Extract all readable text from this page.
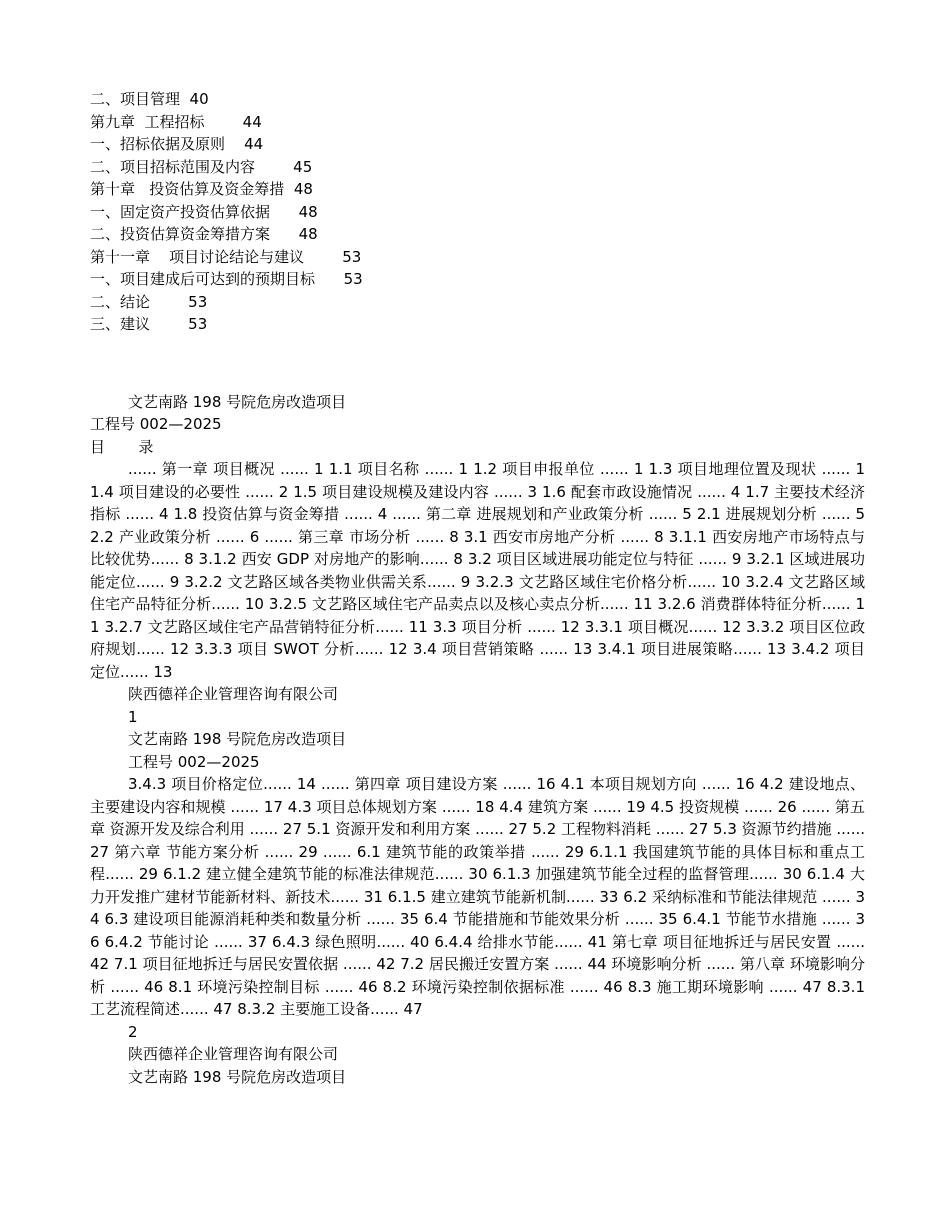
二、项目管理  40
第九章  工程招标        44
一、招标依据及原则    44
二、项目招标范围及内容        45
第十章   投资估算及资金筹措  48
一、固定资产投资估算依据      48
二、投资估算资金筹措方案      48
第十一章    项目讨论结论与建议        53
一、项目建成后可达到的预期目标      53
二、结论        53
三、建议        53
文艺南路 198 号院危房改造项目
工程号 002—2025
目       录
...... 第一章 项目概况 ...... 1 1.1 项目名称 ...... 1 1.2 项目申报单位 ...... 1 1.3 项目地理位置及现状 ...... 1 1.4 项目建设的必要性 ...... 2 1.5 项目建设规模及建设内容 ...... 3 1.6 配套市政设施情况 ...... 4 1.7 主要技术经济指标 ...... 4 1.8 投资估算与资金筹措 ...... 4 ...... 第二章 进展规划和产业政策分析 ...... 5 2.1 进展规划分析 ...... 5 2.2 产业政策分析 ...... 6 ...... 第三章 市场分析 ...... 8 3.1 西安市房地产分析 ...... 8 3.1.1 西安房地产市场特点与比较优势...... 8 3.1.2 西安 GDP 对房地产的影响...... 8 3.2 项目区域进展功能定位与特征 ...... 9 3.2.1 区域进展功能定位...... 9 3.2.2 文艺路区域各类物业供需关系...... 9 3.2.3 文艺路区域住宅价格分析...... 10 3.2.4 文艺路区域住宅产品特征分析...... 10 3.2.5 文艺路区域住宅产品卖点以及核心卖点分析...... 11 3.2.6 消费群体特征分析...... 11 3.2.7 文艺路区域住宅产品营销特征分析...... 11 3.3 项目分析 ...... 12 3.3.1 项目概况...... 12 3.3.2 项目区位政府规划...... 12 3.3.3 项目 SWOT 分析...... 12 3.4 项目营销策略 ...... 13 3.4.1 项目进展策略...... 13 3.4.2 项目定位...... 13
陕西德祥企业管理咨询有限公司
1
文艺南路 198 号院危房改造项目
工程号 002—2025
3.4.3 项目价格定位...... 14 ...... 第四章 项目建设方案 ...... 16 4.1 本项目规划方向 ...... 16 4.2 建设地点、主要建设内容和规模 ...... 17 4.3 项目总体规划方案 ...... 18 4.4 建筑方案 ...... 19 4.5 投资规模 ...... 26 ...... 第五章 资源开发及综合利用 ...... 27 5.1 资源开发和利用方案 ...... 27 5.2 工程物料消耗 ...... 27 5.3 资源节约措施 ...... 27 第六章 节能方案分析 ...... 29 ...... 6.1 建筑节能的政策举措 ...... 29 6.1.1 我国建筑节能的具体目标和重点工程...... 29 6.1.2 建立健全建筑节能的标准法律规范...... 30 6.1.3 加强建筑节能全过程的监督管理...... 30 6.1.4 大力开发推广建材节能新材料、新技术...... 31 6.1.5 建立建筑节能新机制...... 33 6.2 采纳标准和节能法律规范 ...... 34 6.3 建设项目能源消耗种类和数量分析 ...... 35 6.4 节能措施和节能效果分析 ...... 35 6.4.1 节能节水措施 ...... 36 6.4.2 节能讨论 ...... 37 6.4.3 绿色照明...... 40 6.4.4 给排水节能...... 41 第七章 项目征地拆迁与居民安置 ...... 42 7.1 项目征地拆迁与居民安置依据 ...... 42 7.2 居民搬迁安置方案 ...... 44 环境影响分析 ...... 第八章 环境影响分析 ...... 46 8.1 环境污染控制目标 ...... 46 8.2 环境污染控制依据标准 ...... 46 8.3 施工期环境影响 ...... 47 8.3.1 工艺流程简述...... 47 8.3.2 主要施工设备...... 47
2
陕西德祥企业管理咨询有限公司
文艺南路 198 号院危房改造项目
